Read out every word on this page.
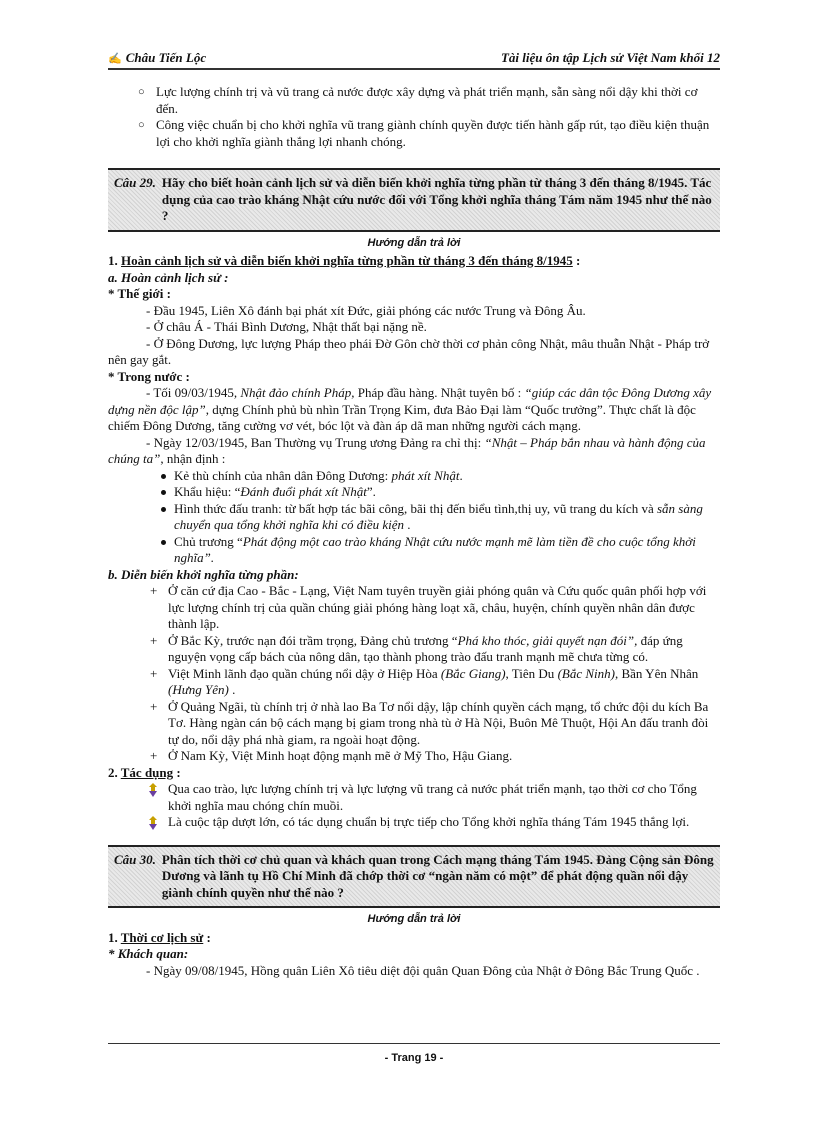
✍ Châu Tiến Lộc	Tài liệu ôn tập Lịch sử Việt Nam khối 12
○ Lực lượng chính trị và vũ trang cả nước được xây dựng và phát triển mạnh, sẵn sàng nổi dậy khi thời cơ đến.
○ Công việc chuẩn bị cho khởi nghĩa vũ trang giành chính quyền được tiến hành gấp rút, tạo điều kiện thuận lợi cho khởi nghĩa giành thắng lợi nhanh chóng.
Câu 29. Hãy cho biết hoàn cảnh lịch sử và diễn biến khởi nghĩa từng phần từ tháng 3 đến tháng 8/1945. Tác dụng của cao trào kháng Nhật cứu nước đối với Tổng khởi nghĩa tháng Tám năm 1945 như thế nào ?
Hướng dẫn trả lời

1. Hoàn cảnh lịch sử và diễn biến khởi nghĩa từng phần từ tháng 3 đến tháng 8/1945 :

a. Hoàn cảnh lịch sử :

* Thế giới :

- Đầu 1945, Liên Xô đánh bại phát xít Đức, giải phóng các nước Trung và Đông Âu.

- Ở châu Á - Thái Bình Dương, Nhật thất bại nặng nề.

- Ở Đông Dương, lực lượng Pháp theo phái Đờ Gôn chờ thời cơ phản công Nhật, mâu thuẫn Nhật - Pháp trở nên gay gắt.

* Trong nước :

- Tối 09/03/1945, Nhật đảo chính Pháp, Pháp đầu hàng. Nhật tuyên bố : “giúp các dân tộc Đông Dương xây dựng nền độc lập”, dựng Chính phủ bù nhìn Trần Trọng Kim, đưa Bảo Đại làm “Quốc trưởng”. Thực chất là độc chiếm Đông Dương, tăng cường vơ vét, bóc lột và đàn áp dã man những người cách mạng.

- Ngày 12/03/1945, Ban Thường vụ Trung ương Đảng ra chỉ thị: “Nhật – Pháp bắn nhau và hành động của chúng ta”, nhận định :

Kẻ thù chính của nhân dân Đông Dương: phát xít Nhật.
Khẩu hiệu: “Đánh đuổi phát xít Nhật”.
Hình thức đấu tranh: từ bất hợp tác bãi công, bãi thị đến biểu tình,thị uy, vũ trang du kích và sẵn sàng chuyển qua tổng khởi nghĩa khi có điều kiện .
Chủ trương “Phát động một cao trào kháng Nhật cứu nước mạnh mẽ làm tiền đề cho cuộc tổng khởi nghĩa”.

b. Diễn biến khởi nghĩa từng phần:

+ Ở căn cứ địa Cao - Bắc - Lạng, Việt Nam tuyên truyền giải phóng quân và Cứu quốc quân phối hợp với lực lượng chính trị của quần chúng giải phóng hàng loạt xã, châu, huyện, chính quyền nhân dân được thành lập.
+ Ở Bắc Kỳ, trước nạn đói trầm trọng, Đảng chủ trương “Phá kho thóc, giải quyết nạn đói”, đáp ứng nguyện vọng cấp bách của nông dân, tạo thành phong trào đấu tranh mạnh mẽ chưa từng có.
+ Việt Minh lãnh đạo quần chúng nổi dậy ở Hiệp Hòa (Bắc Giang), Tiên Du (Bắc Ninh), Bần Yên Nhân (Hưng Yên) .
+ Ở Quảng Ngãi, tù chính trị ở nhà lao Ba Tơ nổi dậy, lập chính quyền cách mạng, tổ chức đội du kích Ba Tơ. Hàng ngàn cán bộ cách mạng bị giam trong nhà tù ở Hà Nội, Buôn Mê Thuột, Hội An đấu tranh đòi tự do, nổi dậy phá nhà giam, ra ngoài hoạt động.
+ Ở Nam Kỳ, Việt Minh hoạt động mạnh mẽ ở Mỹ Tho, Hậu Giang.

2. Tác dụng :

Qua cao trào, lực lượng chính trị và lực lượng vũ trang cả nước phát triển mạnh, tạo thời cơ cho Tổng khởi nghĩa mau chóng chín muồi.
Là cuộc tập dượt lớn, có tác dụng chuẩn bị trực tiếp cho Tổng khởi nghĩa tháng Tám 1945 thắng lợi.
Câu 30. Phân tích thời cơ chủ quan và khách quan trong Cách mạng tháng Tám 1945. Đảng Cộng sản Đông Dương và lãnh tụ Hồ Chí Minh đã chớp thời cơ “ngàn năm có một” để phát động quần nổi dậy giành chính quyền như thế nào ?
Hướng dẫn trả lời

1. Thời cơ lịch sử :

* Khách quan:

- Ngày 09/08/1945, Hồng quân Liên Xô tiêu diệt đội quân Quan Đông của Nhật ở Đông Bắc Trung Quốc .

- Trang 19 -
